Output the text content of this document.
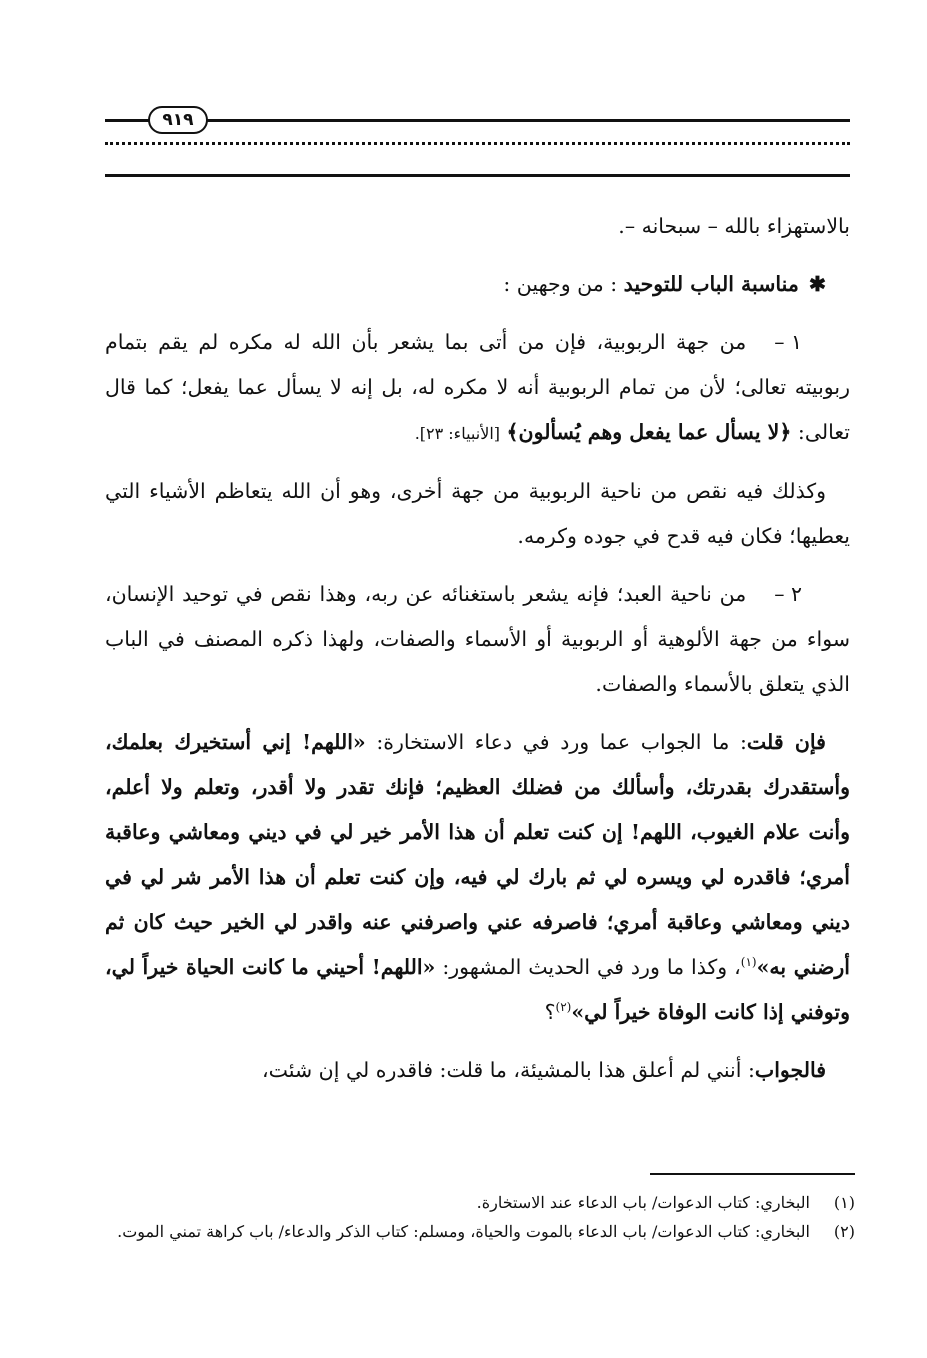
٩١٩

بالاستهزاء بالله – سبحانه –.

✱مناسبة الباب للتوحيد : من وجهين :

١ –من جهة الربوبية، فإن من أتى بما يشعر بأن الله له مكره لم يقم بتمام ربوبيته تعالى؛ لأن من تمام الربوبية أنه لا مكره له، بل إنه لا يسأل عما يفعل؛ كما قال تعالى: ﴿لا يسأل عما يفعل وهم يُسألون﴾ [الأنبياء: ٢٣].

وكذلك فيه نقص من ناحية الربوبية من جهة أخرى، وهو أن الله يتعاظم الأشياء التي يعطيها؛ فكان فيه قدح في جوده وكرمه.

٢ –من ناحية العبد؛ فإنه يشعر باستغنائه عن ربه، وهذا نقص في توحيد الإنسان، سواء من جهة الألوهية أو الربوبية أو الأسماء والصفات، ولهذا ذكره المصنف في الباب الذي يتعلق بالأسماء والصفات.

فإن قلت: ما الجواب عما ورد في دعاء الاستخارة: «اللهم! إني أستخيرك بعلمك، وأستقدرك بقدرتك، وأسألك من فضلك العظيم؛ فإنك تقدر ولا أقدر، وتعلم ولا أعلم، وأنت علام الغيوب، اللهم! إن كنت تعلم أن هذا الأمر خير لي في ديني ومعاشي وعاقبة أمري؛ فاقدره لي ويسره لي ثم بارك لي فيه، وإن كنت تعلم أن هذا الأمر شر لي في ديني ومعاشي وعاقبة أمري؛ فاصرفه عني واصرفني عنه واقدر لي الخير حيث كان ثم أرضني به»$^{(١)}$، وكذا ما ورد في الحديث المشهور: «اللهم! أحيني ما كانت الحياة خيراً لي، وتوفني إذا كانت الوفاة خيراً لي»$^{(٢)}$؟

فالجواب: أنني لم أعلق هذا بالمشيئة، ما قلت: فاقدره لي إن شئت،

(١)
البخاري: كتاب الدعوات/ باب الدعاء عند الاستخارة.
(٢)
البخاري: كتاب الدعوات/ باب الدعاء بالموت والحياة، ومسلم: كتاب الذكر والدعاء/ باب كراهة تمني الموت.
